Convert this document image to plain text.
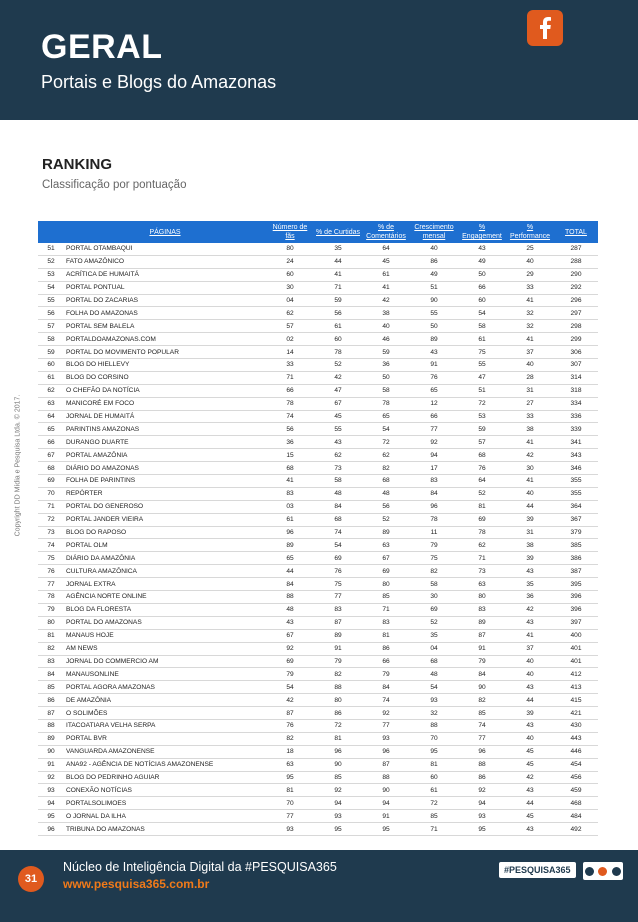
GERAL
Portais e Blogs do Amazonas
Copyright DD Mídia e Pesquisa Ltda. © 2017.
RANKING
Classificação por pontuação
	PÁGINAS	Número de fãs	% de Curtidas	% de Comentários	Crescimento mensal	% Engagement	% Performance	TOTAL
51	PORTAL OTAMBAQUI	80	35	64	40	43	25	287
52	FATO AMAZÔNICO	24	44	45	86	49	40	288
53	ACRÍTICA DE HUMAITÁ	60	41	61	49	50	29	290
54	PORTAL PONTUAL	30	71	41	51	66	33	292
55	PORTAL DO ZACARIAS	04	59	42	90	60	41	296
56	FOLHA DO AMAZONAS	62	56	38	55	54	32	297
57	PORTAL SEM BALELA	57	61	40	50	58	32	298
58	PORTALDOAMAZONAS.COM	02	60	46	89	61	41	299
59	PORTAL DO MOVIMENTO POPULAR	14	78	59	43	75	37	306
60	BLOG DO HIELLEVY	33	52	36	91	55	40	307
61	BLOG DO CORSINO	71	42	50	76	47	28	314
62	O CHEFÃO DA NOTÍCIA	66	47	58	65	51	31	318
63	MANICORÉ EM FOCO	78	67	78	12	72	27	334
64	JORNAL DE HUMAITÁ	74	45	65	66	53	33	336
65	PARINTINS AMAZONAS	56	55	54	77	59	38	339
66	DURANGO DUARTE	36	43	72	92	57	41	341
67	PORTAL AMAZÔNIA	15	62	62	94	68	42	343
68	DIÁRIO DO AMAZONAS	68	73	82	17	76	30	346
69	FOLHA DE PARINTINS	41	58	68	83	64	41	355
70	REPÓRTER	83	48	48	84	52	40	355
71	PORTAL DO GENEROSO	03	84	56	96	81	44	364
72	PORTAL JANDER VIEIRA	61	68	52	78	69	39	367
73	BLOG DO RAPOSO	96	74	89	11	78	31	379
74	PORTAL OLM	89	54	63	79	62	38	385
75	DIÁRIO DA AMAZÔNIA	65	69	67	75	71	39	386
76	CULTURA AMAZÔNICA	44	76	69	82	73	43	387
77	JORNAL EXTRA	84	75	80	58	63	35	395
78	AGÊNCIA NORTE ONLINE	88	77	85	30	80	36	396
79	BLOG DA FLORESTA	48	83	71	69	83	42	396
80	PORTAL DO AMAZONAS	43	87	83	52	89	43	397
81	MANAUS HOJE	67	89	81	35	87	41	400
82	AM NEWS	92	91	86	04	91	37	401
83	JORNAL DO COMMERCIO AM	69	79	66	68	79	40	401
84	MANAUSONLINE	79	82	79	48	84	40	412
85	PORTAL AGORA AMAZONAS	54	88	84	54	90	43	413
86	DE AMAZÔNIA	42	80	74	93	82	44	415
87	O SOLIMÕES	87	86	92	32	85	39	421
88	ITACOATIARA VELHA SERPA	76	72	77	88	74	43	430
89	PORTAL BVR	82	81	93	70	77	40	443
90	VANGUARDA AMAZONENSE	18	96	96	95	96	45	446
91	ANA92 - AGÊNCIA DE NOTÍCIAS AMAZONENSE	63	90	87	81	88	45	454
92	BLOG DO PEDRINHO AGUIAR	95	85	88	60	86	42	456
93	CONEXÃO NOTÍCIAS	81	92	90	61	92	43	459
94	PORTALSOLIMOES	70	94	94	72	94	44	468
95	O JORNAL DA ILHA	77	93	91	85	93	45	484
96	TRIBUNA DO AMAZONAS	93	95	95	71	95	43	492
31
Núcleo de Inteligência Digital da #PESQUISA365
www.pesquisa365.com.br
#PESQUISA365
